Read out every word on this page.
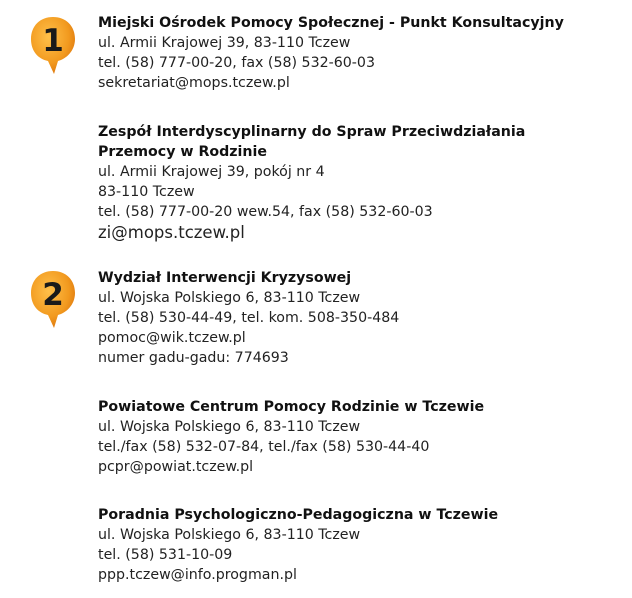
1
2
Miejski Ośrodek Pomocy Społecznej - Punkt Konsultacyjny
ul. Armii Krajowej 39, 83-110 Tczew
tel. (58) 777-00-20, fax (58) 532-60-03
sekretariat@mops.tczew.pl
Zespół Interdyscyplinarny do Spraw Przeciwdziałania
Przemocy w Rodzinie
ul. Armii Krajowej 39, pokój nr 4
83-110 Tczew
tel. (58) 777-00-20 wew.54, fax (58) 532-60-03
zi@mops.tczew.pl
Wydział Interwencji Kryzysowej
ul. Wojska Polskiego 6, 83-110 Tczew
tel. (58) 530-44-49, tel. kom. 508-350-484
pomoc@wik.tczew.pl
numer gadu-gadu: 774693
Powiatowe Centrum Pomocy Rodzinie w Tczewie
ul. Wojska Polskiego 6, 83-110 Tczew
tel./fax (58) 532-07-84, tel./fax (58) 530-44-40
pcpr@powiat.tczew.pl
Poradnia Psychologiczno-Pedagogiczna w Tczewie
ul. Wojska Polskiego 6, 83-110 Tczew
tel. (58) 531-10-09
ppp.tczew@info.progman.pl
